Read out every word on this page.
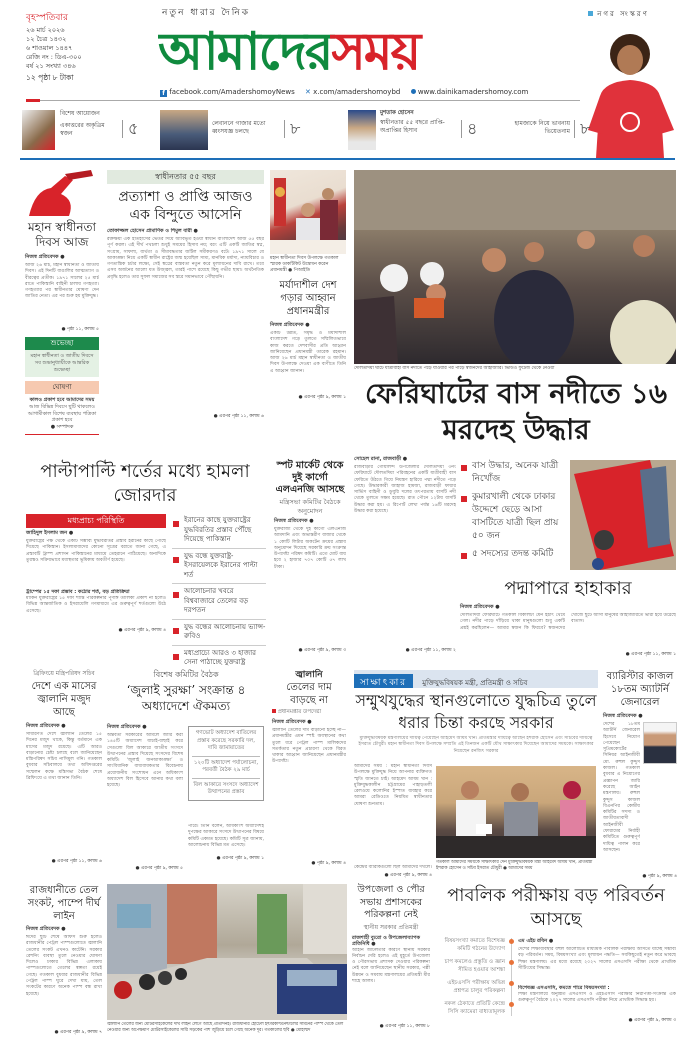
বৃহস্পতিবার
২৬ মার্চ ২০২৬
১২ চৈত্র ১৪৩২
৬ শাওয়াল ১৪৪৭
রেজি নং : ডিএ-৩০০
বর্ষ ২১ সংখ্যা ৩৪৬
১২ পৃষ্ঠা ৮ টাকা
নতুন ধারার দৈনিক
আমাদেরসময়
f facebook.com/AmadershomoyNews ✕ x.com/amadershomoybd www.dainikamadershomoy.com
নগর সংস্করণ
বিশেষ আয়োজন
একাত্তরের অকৃত্রিম স্বজন	৫	লেবাননে গাজার মতো ধ্বংসযজ্ঞ চলছে	৮
মুশতাক হোসেন
স্বাধীনতার ৫৫ বছরে প্রাপ্তি-অপ্রাপ্তির হিসাব	৪	হামজাকে নিয়ে ভাবনায় ভিয়েতনাম ৮
মহান স্বাধীনতা দিবস আজ
নিজস্ব প্রতিবেদক ●
আজ ২৬ মার্চ, মহান স্বাধীনতা ও জাতীয় দিবস। এই দিনটি বাঙালির আত্মত্যাগ ও বীরত্বের প্রতীক। ১৯৭১ সালের ২৫ মার্চ রাতে পাকিস্তানি বাহিনী চালায় গণহত্যা। গণহত্যার পর স্বাধীনতার ঘোষণা দেন জাতির নেতা। এর পর শুরু হয় মুক্তিযুদ্ধ।
● পৃষ্ঠা ১১, কলাম ৫
শুভেচ্ছা
মহান স্বাধীনতা ও জাতীয় দিবসে সব শুভানুধ্যায়ীকে আন্তরিক শুভেচ্ছা
ঘোষণা
কালও প্রকাশ হবে আমাদের সময়
আজ বিভিন্ন দিবসে ছুটি থাকলেও আগামীকাল বিশেষ ব্যবস্থায় পত্রিকা প্রকাশ হবে
● সম্পাদক
স্বাধীনতার ৫৫ বছর
প্রত্যাশা ও প্রাপ্তি আজও এক বিন্দুতে আসেনি
তোফাজ্জল হোসেন প্রামাণিক ও শিমুল বারী ●
রক্তক্ষয়ী এক ইতিহাসের ভেতর দিয়ে আবির্ভূত হওয়া স্বাধীন বাংলাদেশ আজ ৫৫ বছর পূর্ণ করল। এই দীর্ঘ পথচলা শুধুই সময়ের হিসাব নয়; বরং এটি একটি জাতির স্বপ্ন, সংগ্রাম, সাফল্য, ব্যর্থতা ও সীমাবদ্ধতার জটিল সমীকরণও বটে। ১৯৭১ সালে যে আকাঙ্ক্ষা নিয়ে একটি স্বাধীন রাষ্ট্রের জন্ম হয়েছিল সাম্য, মানবিক মর্যাদা, ন্যায়বিচার ও গণতান্ত্রিক চর্চার লক্ষ্যে, সেই স্বপ্নের বাস্তবতা নতুন করে মূল্যায়নের দাবি রাখে। তবে এসব অর্জনের আলো যত উজ্জ্বল, তারই পাশে রয়েছে কিছু গভীর ছায়া। অর্থনৈতিক প্রবৃদ্ধি হলেও তার সুফল সমাজের সব স্তরে সমানভাবে পৌঁছায়নি।
● এরপর পৃষ্ঠা ১১, কলাম ৬
মহান স্বাধীনতা দিবস উপলক্ষে গতকাল স্মারক ডাকটিকিট উদ্বোধন করেন প্রধানমন্ত্রী ● পিআইডি
মর্যাদাশীল দেশ গড়ার আহ্বান প্রধানমন্ত্রীর
নিজস্ব প্রতিবেদক ●
একটি উন্নত, সমৃদ্ধ ও মর্যাদাশীল বাংলাদেশ গড়ে তুলতে সম্মিলিতভাবে কাজ করতে দেশবাসীর প্রতি আহ্বান জানিয়েছেন প্রধানমন্ত্রী তারেক রহমান। আজ ২৬ মার্চ মহান স্বাধীনতা ও জাতীয় দিবস উপলক্ষে দেওয়া এক বাণীতে তিনি এ আহ্বান জানান।
● এরপর পৃষ্ঠা ৯, কলাম ১
দৌলতদিয়া ঘাটে যাত্রীবাহী বাস নদীতে পড়ে যাওয়ার পর পাড়ে স্বজনদের আহাজারি। ভিডিও ফুটেজ থেকে নেওয়া
ফেরিঘাটের বাস নদীতে ১৬ মরদেহ উদ্ধার
সোহেল রানা, রাজবাড়ী ●
রাজবাড়ীর গোয়ালন্দ উপজেলার দৌলতদিয়া ৩নং ফেরিঘাটে দৌলতদিয়া পরিবহনের একটি যাত্রীবাহী বাস ফেরিতে উঠতে গিয়ে নিয়ন্ত্রণ হারিয়ে পদ্মা নদীতে পড়ে গেছে। উদ্ধারকারী জাহাজ হামজা, রাজবাড়ী ফায়ার সার্ভিস বাহিনী ও ডুবুরি দলের তৎপরতায় বাসটি নদী থেকে তুলতে সক্ষম হয়েছে। রাত পৌনে ১২টায় বাসটি উদ্ধার করা হয়। এ রিপোর্ট লেখা পর্যন্ত ১৬টি মরদেহ উদ্ধার করা হয়েছে।
● এরপর পৃষ্ঠা ১১, কলাম ২
বাস উদ্ধার, অনেক যাত্রী নিখোঁজ
কুমারখালী থেকে ঢাকার উদ্দেশে ছেড়ে আসা বাসটিতে যাত্রী ছিল প্রায় ৫০ জন
৫ সদস্যের তদন্ত কমিটি
পদ্মাপারে হাহাকার
নিজস্ব প্রতিবেদক ●
দৌলতদিয়া ফেরিঘাটে গতকাল বিকালটা যেন হঠাৎ থেমে গেল। নদীর পাড়ে দাঁড়িয়ে থাকা মানুষগুলো শুধু একটি প্রশ্নই করছিলেন— আমার স্বজন কি ফিরবে? স্বজনদের খোঁজে ছুটে আসা মানুষের আহাজারিতে ভারী হয়ে উঠেছে বাতাস।
● এরপর পৃষ্ঠা ১১, কলাম ১
পাল্টাপাল্টি শর্তের মধ্যে হামলা জোরদার
মধ্যপ্রাচ্য পরিস্থিতি
জাহিদুল ইসলাম জন ●
যুক্তরাষ্ট্রের পক্ষ থেকে একটি সম্ভাব্য যুদ্ধবিরতির প্রস্তাব ইরানের কাছে পৌঁছে দিয়েছে পাকিস্তান। ইসলামাবাদের কোনো সূত্রের বরাতে জানা গেছে, এ প্রস্তাবটি ট্রাম্প প্রশাসন পাকিস্তানের মাধ্যমে তেহরানে পাঠিয়েছে। অন্যদিকে তুরস্কও সক্রিয়ভাবে মধ্যস্থতার ভূমিকায় অবতীর্ণ হয়েছে।
ট্রাম্পের ১৫ দফা প্রস্তাব : কঠোর শর্ত, বড় প্রতিক্রিয়া
মার্কিন যুক্তরাষ্ট্রের ১৫ দফা শান্তি পরিকল্পনার পূর্ণাঙ্গ তালিকা প্রকাশ না হলেও বিভিন্ন আন্তর্জাতিক ও ইসরায়েলি গণমাধ্যমে এর গুরুত্বপূর্ণ শর্তগুলো উঠে এসেছে।
● এরপর পৃষ্ঠা ৯, কলাম ৪
ইরানের কাছে যুক্তরাষ্ট্রের যুদ্ধবিরতির প্রস্তাব পৌঁছে দিয়েছে পাকিস্তান
যুদ্ধ বন্ধে যুক্তরাষ্ট্র-ইসরায়েলকে ইরানের পাল্টা শর্ত
আলোচনার খবরে বিশ্ববাজারে তেলের বড় দরপতন
যুদ্ধ বন্ধের আলোচনায় ভ্যান্স-রুবিও
মধ্যপ্রাচ্যে আরও ৩ হাজার সেনা পাঠাচ্ছে যুক্তরাষ্ট্র
স্পট মার্কেট থেকে দুই কার্গো এলএনজি আসছে
মন্ত্রিসভা কমিটির বৈঠকে অনুমোদন
নিজস্ব প্রতিবেদক ●
যুক্তরাজ্য থেকে দুই কার্গো এলএনজি আমদানি এবং অভ্যন্তরীণ বাজার থেকে ১ কোটি লিটার অকটেন ক্রয়ের প্রস্তাব অনুমোদন দিয়েছে সরকারি ক্রয় সংক্রান্ত উপদেষ্টা পরিষদ কমিটি। এতে মোট ব্যয় হবে ২ হাজার ৭০৭ কোটি ৫৭ লাখ টাকা।
● এরপর পৃষ্ঠা ৯, কলাম ৩
ব্রিফিংয়ে মন্ত্রিপরিষদ সচিব
দেশে এক মাসের জ্বালানি মজুদ আছে
নিজস্ব প্রতিবেদক ●
সাধারণত দেশে জ্বালানি তেলের ১৫ দিনের মজুদ থাকে, কিন্তু বর্তমানে এক মাসের মজুদ রয়েছে। এটি আরও বাড়ানোর চেষ্টা চলছে বলে জানিয়েছেন মন্ত্রিপরিষদ সচিব নাসিমুল গনি। গতকাল বুধবার সচিবালয়ে তথ্য অধিদপ্তরের সম্মেলন কক্ষে মন্ত্রিসভা বৈঠক শেষে ব্রিফিংয়ে এ তথ্য জানান তিনি।
● এরপর পৃষ্ঠা ১১, কলাম ৬
বিশেষ কমিটির বৈঠক
‘জুলাই সুরক্ষা’ সংক্রান্ত ৪ অধ্যাদেশে ঐকমত্য
নিজস্ব প্রতিবেদক ●
অন্তর্বর্তী সরকারের আমলে জারি করা ১৪৫টি অধ্যাদেশ যাচাই-বাছাই করে সেগুলো বিল আকারে জাতীয় সংসদে উত্থাপনের প্রস্তাব দিয়েছে সংসদের বিশেষ কমিটি। ‘জুলাই জনআকাঙ্ক্ষা’ ও সাংবিধানিক বাধ্যবাধকতার বিবেচনায় প্রয়োজনীয় সংশোধন এনে অধিকাংশ অধ্যাদেশ বিল হিসেবে আনার কথা বলা হয়েছে।
● এরপর পৃষ্ঠা ৯, কলাম ৫
গণভোট অধ্যাদেশ বাতিলের প্রস্তাব করেছে সরকারি দল, দাবি জামায়াতের
১২০টি অধ্যাদেশ পর্যালোচনা, পরবর্তী বৈঠক ২৯ মার্চ
বিল আকারে সংসদে অধ্যাদেশ উত্থাপনের প্রস্তাব
পারে। তিনি বলেন, অধিকাংশ অধ্যাদেশই দুপক্ষের আকারে সংসদে উত্থাপনের বিষয়ে কমিটি একমত হয়েছে। কমিটি সূত্র জানায়, আলোচনায় বিভিন্ন মত এসেছে।
● এরপর পৃষ্ঠা ৯, কলাম ১
জ্বালানি
তেলের দাম বাড়ছে না
প্রধানমন্ত্রীর উপদেষ্টা
নিজস্ব প্রতিবেদক ●
জ্বালানি তেলের দাম বাড়ানো হচ্ছে না—প্রধানমন্ত্রীর এমন স্পষ্ট অবস্থানের কথা তুলে ধরে পেট্রল পাম্প মালিকদের সতর্কতার নতুন প্রচারণা থেকে বিরত থাকার আহ্বান জানিয়েছেন প্রধানমন্ত্রীর উপদেষ্টা।
● পৃষ্ঠা ৯, কলাম ৪
সাক্ষাৎকার মুক্তিযুদ্ধবিষয়ক মন্ত্রী, প্রতিমন্ত্রী ও সচিব
সম্মুখযুদ্ধের স্থানগুলোতে যুদ্ধচিত্র তুলে ধরার চিন্তা করছে সরকার
মুক্তিযুদ্ধবিষয়ক মন্ত্রণালয়ের দায়িত্ব পেয়েছেন আহমেদ আযম খান। প্রতিমন্ত্রীর দায়িত্বে আছেন ইশরাক হোসেন এবং সচিবের দায়িত্বে ইসরাত চৌধুরী। মহান স্বাধীনতা দিবস উপলক্ষে সম্প্রতি এই তিনজন একটি যৌথ সাক্ষাৎকার দিয়েছেন আমাদের সময়কে। সাক্ষাৎকার নিয়েছেন রনজিৎ সরকার
আমাদের সময় : মহান স্বাধীনতা দিবস উপলক্ষে মুক্তিযুদ্ধ নিয়ে আপনার ব্যক্তিগত স্মৃতি জানতে চাই। আহমেদ আযম খান : মুক্তিযুদ্ধকালীন চট্টগ্রামের পাহাড়তলী রেলওয়ে কলোনির ইস্পাত ব্যবহার করে আমরা রেডিওতে নিয়মিত স্বাধীনতার ঘোষণা শুনতাম।
কেন্দ্রের ব্যারাকগুলো ছিল আমাদের দখলে।
● এরপর পৃষ্ঠা ৯, কলাম ৪
গতকাল আমাদের সময়কে সাক্ষাৎকার দেন মুক্তিযুদ্ধবিষয়ক মন্ত্রী আহমেদ আযম খান, প্রতিমন্ত্রী ইশরাক হোসেন ও সচিব ইসরাত চৌধুরী ● আমাদের সময়
ব্যারিস্টার কাজল ১৮তম অ্যাটর্নি জেনারেল
নিজস্ব প্রতিবেদক ●
দেশের ১৮তম অ্যাটর্নি জেনারেল হিসেবে নিয়োগ পেয়েছেন সুপ্রিমকোর্টের সিনিয়র আইনজীবী মো. রুহুল কুদ্দুস কাজল। গতকাল বুধবার এ নিয়োগের প্রজ্ঞাপন জারি করেছে আইন মন্ত্রণালয়। রুহুল কুদ্দুস কাজল বিএনপির কেন্দ্রীয় কমিটির সদস্য ও জাতীয়তাবাদী আইনজীবী ফোরামের নির্বাহী কমিটিতে গুরুত্বপূর্ণ দায়িত্ব পালন করে আসছেন।
● পৃষ্ঠা ৯, কলাম ৪
রাজধানীতে তেল সংকট, পাম্পে দীর্ঘ লাইন
নিজস্ব প্রতিবেদক ●
ঈদের ছুটি শেষে অফিস শুরু হলেও রাজধানীর পেট্রল পাম্পগুলোতে জ্বালানি তেলের সংকট এখনও কাটেনি। সরকার রেশনিং ব্যবস্থা তুলে নেওয়ার ঘোষণা দিলেও ঢাকার বিভিন্ন এলাকায় পাম্পগুলোতে তেলের স্বল্পতা রয়েই গেছে। গতকাল বুধবার রাজধানীর বিভিন্ন পেট্রল পাম্প ঘুরে দেখা যায়, তেল সংকটের কারণে অনেক পাম্প বন্ধ রাখা হয়েছে।
● এরপর পৃষ্ঠা ৯, কলাম ৭
জ্বালানি তেলের জন্য মোটরসাইকেলের দীর্ঘ লাইন লেগে আছে প্রতিদিনই। রাজধানীর হোটেল ইন্টারকন্টিনেন্টালের সামনের পাম্প থেকে তেল নেওয়ার জন্য অপেক্ষমাণ মোটরসাইকেলের সারি সড়কের পাশ জুড়িয়ে চলে গেছে অনেক দূর। গতকালের ছবি ● মোহাম্মদ
উপজেলা ও পৌর সভায় প্রশাসকের পরিকল্পনা নেই
স্থানীয় সরকার প্রতিমন্ত্রী
রাজশাহী ব্যুরো ও উপজেলাব্যাপক প্রতিনিধি ●
আইনি জটিলতার কারণে স্থানীয় সরকার নির্বাচন দেরি হলেও এই মুহূর্তে উপজেলা ও পৌরসভায় প্রশাসক দেওয়ার পরিকল্পনা নেই বলে জানিয়েছেন স্থানীয় সরকার, পল্লী উন্নয়ন ও সমবায় মন্ত্রণালয়ের প্রতিমন্ত্রী মীর শাহে আলম।
● এরপর পৃষ্ঠা ১১, কলাম ৮
পাবলিক পরীক্ষায় বড় পরিবর্তন আসছে
বিষয়সংখ্যা কমাতে বিশেষজ্ঞ কমিটি গঠনের উদ্যোগ
চাপ কমলেও প্রস্তুতি ও জ্ঞান সীমিত হওয়ার আশঙ্কা
এইচএসসি পরীক্ষায় অভিন্ন প্রশ্নপত্র চালুর পরিকল্পনা
নকল ঠেকাতে প্রতিটি কেন্দ্রে সিসি ক্যামেরা বাধ্যতামূলক
এম এইচ রবিন ●
দেশের শিক্ষাব্যবস্থার বহুল আলোচিত মাধ্যমিক পাবলিক পরীক্ষায় আসতে যাচ্ছে সম্ভাব্য বড় পরিবর্তন। সময়, বিষয়সংখ্যা এবং মূল্যায়ন পদ্ধতি— সবকিছুতেই নতুন করে ভাবছে শিক্ষা মন্ত্রণালয়। এর মধ্যে রয়েছে ২০২৭ সালের এসএসসি পরীক্ষা থেকে প্রাথমিক সীটিংয়ের সিদ্ধান্ত।
বিশেষজ্ঞ এসএসসি, কমতে পারে বিষয়সংখ্যা :
শিক্ষা মন্ত্রণালয়ে অনুষ্ঠিত এসএসসি ও এইচএসসি পরীক্ষার নিরাপত্তা-সংক্রান্ত এক গুরুত্বপূর্ণ বৈঠকে ২০২৭ সালের এসএসসি পরীক্ষা নিয়ে প্রাথমিক সিদ্ধান্ত হয়।
● এরপর পৃষ্ঠা ৯, কলাম ৩
